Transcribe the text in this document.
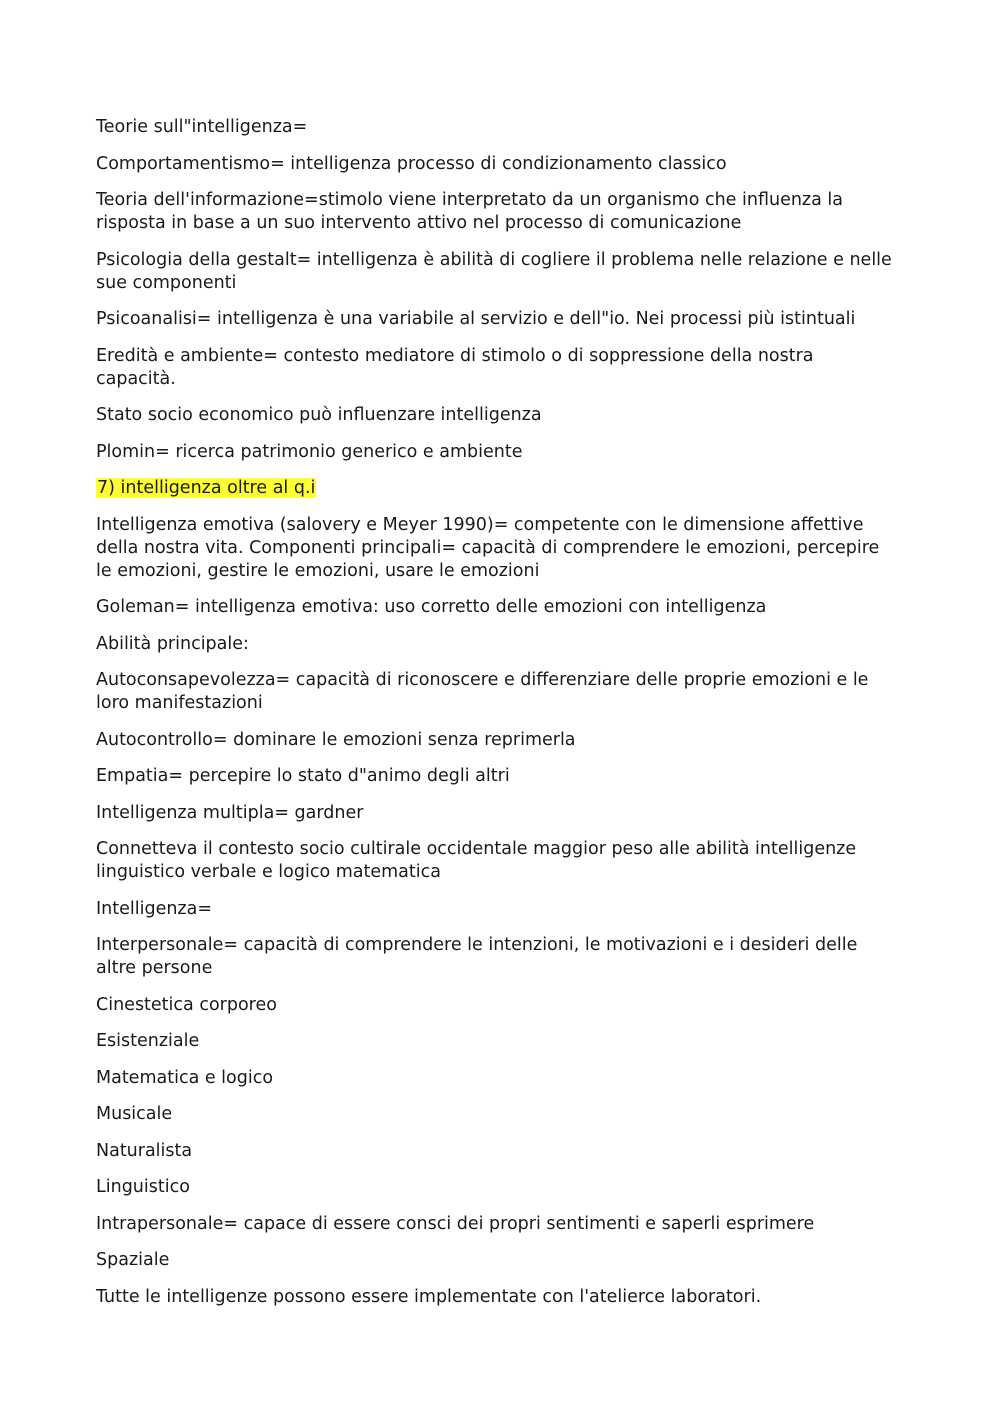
Teorie sull"intelligenza=

Comportamentismo= intelligenza processo di condizionamento classico

Teoria dell'informazione=stimolo viene interpretato da un organismo che influenza la risposta in base a un suo intervento attivo nel processo di comunicazione

Psicologia della gestalt= intelligenza è abilità di cogliere il problema nelle relazione e nelle sue componenti

Psicoanalisi= intelligenza è una variabile al servizio e dell"io. Nei processi più istintuali

Eredità e ambiente= contesto mediatore di stimolo o di soppressione della nostra capacità.

Stato socio economico può influenzare intelligenza

Plomin= ricerca patrimonio generico e ambiente

7) intelligenza oltre al q.i

Intelligenza emotiva (salovery e Meyer 1990)= competente con le dimensione affettive della nostra vita. Componenti principali= capacità di comprendere le emozioni, percepire le emozioni, gestire le emozioni, usare le emozioni

Goleman= intelligenza emotiva: uso corretto delle emozioni con intelligenza

Abilità principale:

Autoconsapevolezza= capacità di riconoscere e differenziare delle proprie emozioni e le loro manifestazioni

Autocontrollo= dominare le emozioni senza reprimerla

Empatia= percepire lo stato d"animo degli altri

Intelligenza multipla= gardner

Connetteva il contesto socio cultirale occidentale maggior peso alle abilità intelligenze linguistico verbale e logico matematica

Intelligenza=

Interpersonale= capacità di comprendere le intenzioni, le motivazioni e i desideri delle altre persone

Cinestetica corporeo

Esistenziale

Matematica e logico

Musicale

Naturalista

Linguistico

Intrapersonale= capace di essere consci dei propri sentimenti e saperli esprimere

Spaziale

Tutte le intelligenze possono essere implementate con l'atelierce laboratori.
